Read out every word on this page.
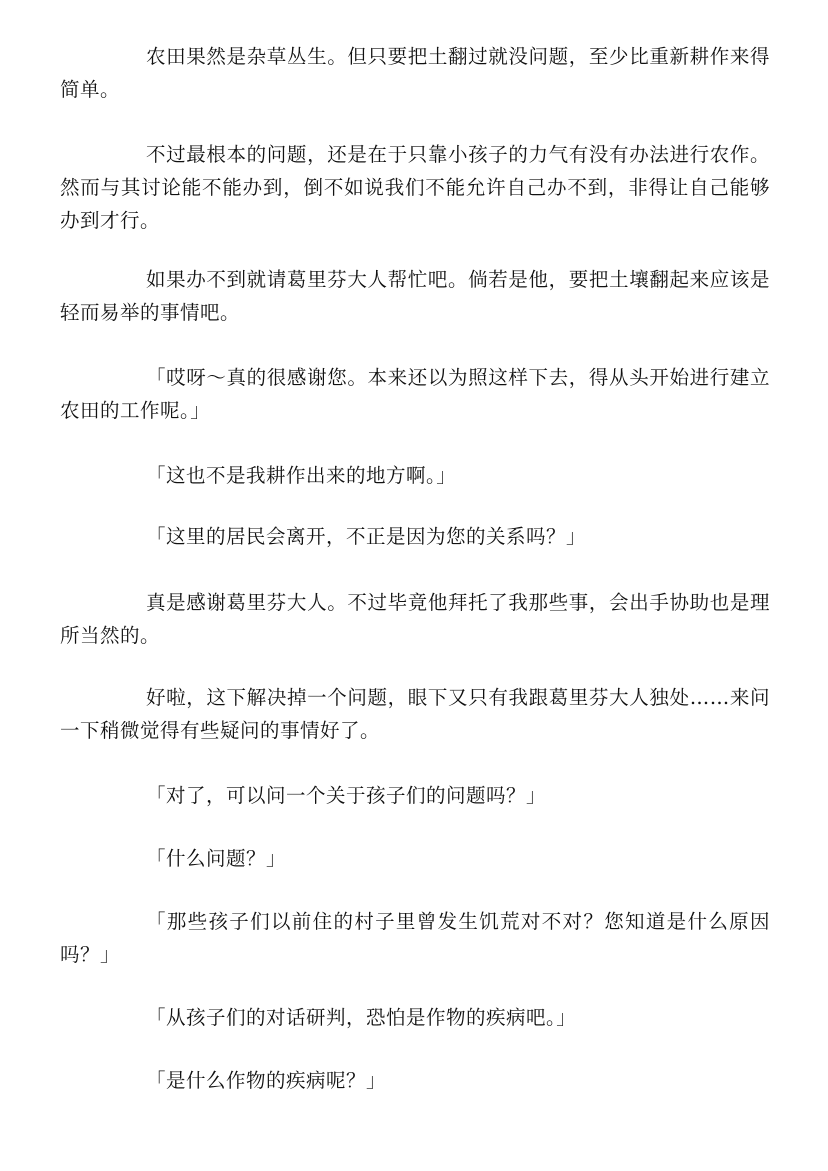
农田果然是杂草丛生。但只要把土翻过就没问题，至少比重新耕作来得简单。

不过最根本的问题，还是在于只靠小孩子的力气有没有办法进行农作。然而与其讨论能不能办到，倒不如说我们不能允许自己办不到，非得让自己能够办到才行。

如果办不到就请葛里芬大人帮忙吧。倘若是他，要把土壤翻起来应该是轻而易举的事情吧。

「哎呀～真的很感谢您。本来还以为照这样下去，得从头开始进行建立农田的工作呢。」

「这也不是我耕作出来的地方啊。」

「这里的居民会离开，不正是因为您的关系吗？」

真是感谢葛里芬大人。不过毕竟他拜托了我那些事，会出手协助也是理所当然的。

好啦，这下解决掉一个问题，眼下又只有我跟葛里芬大人独处……来问一下稍微觉得有些疑问的事情好了。

「对了，可以问一个关于孩子们的问题吗？」

「什么问题？」

「那些孩子们以前住的村子里曾发生饥荒对不对？您知道是什么原因吗？」

「从孩子们的对话研判，恐怕是作物的疾病吧。」

「是什么作物的疾病呢？」
